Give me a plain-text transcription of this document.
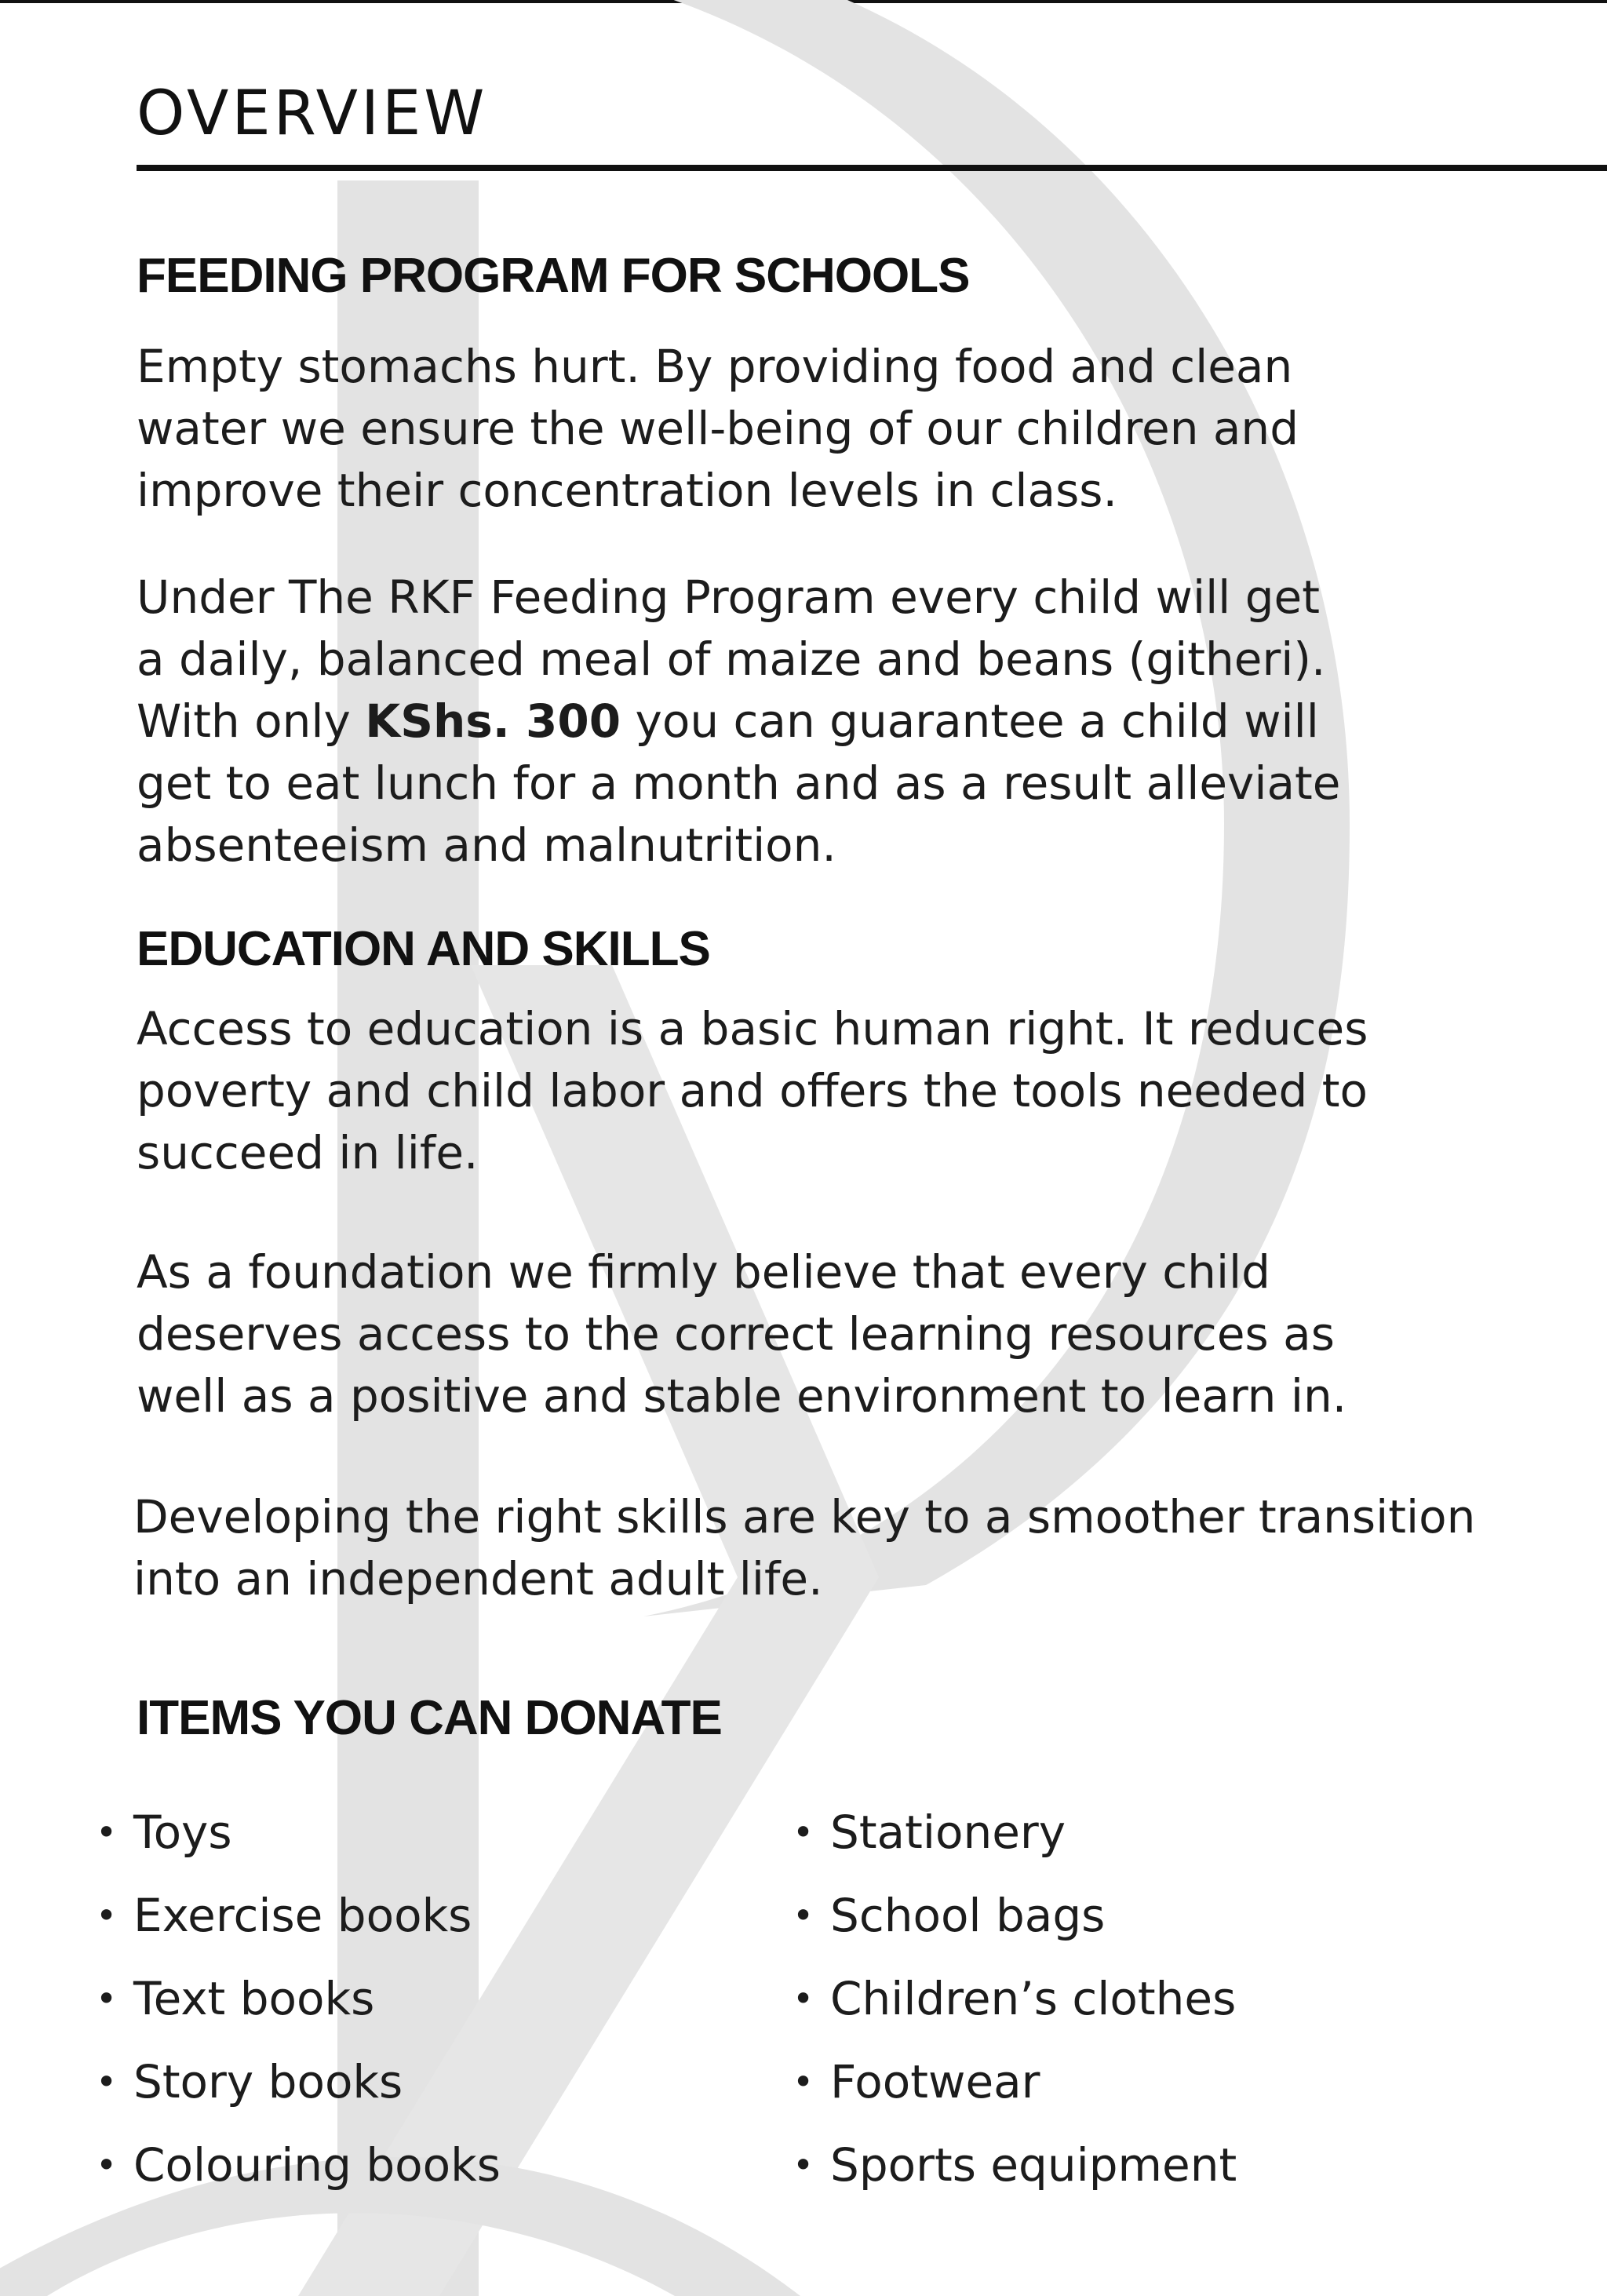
OVERVIEW
FEEDING PROGRAM FOR SCHOOLS

Empty stomachs hurt. By providing food and clean
water we ensure the well-being of our children and
improve their concentration levels in class.

Under The RKF Feeding Program every child will get
a daily, balanced meal of maize and beans (githeri).
With only KShs. 300 you can guarantee a child will
get to eat lunch for a month and as a result alleviate
absenteeism and malnutrition.

EDUCATION AND SKILLS

Access to education is a basic human right. It reduces
poverty and child labor and offers the tools needed to
succeed in life.

As a foundation we firmly believe that every child
deserves access to the correct learning resources as
well as a positive and stable environment to learn in.

Developing the right skills are key to a smoother transition
into an independent adult life.

ITEMS YOU CAN DONATE
• Toys
• Exercise books
• Text books
• Story books
• Colouring books
• Stationery
• School bags
• Children’s clothes
• Footwear
• Sports equipment
